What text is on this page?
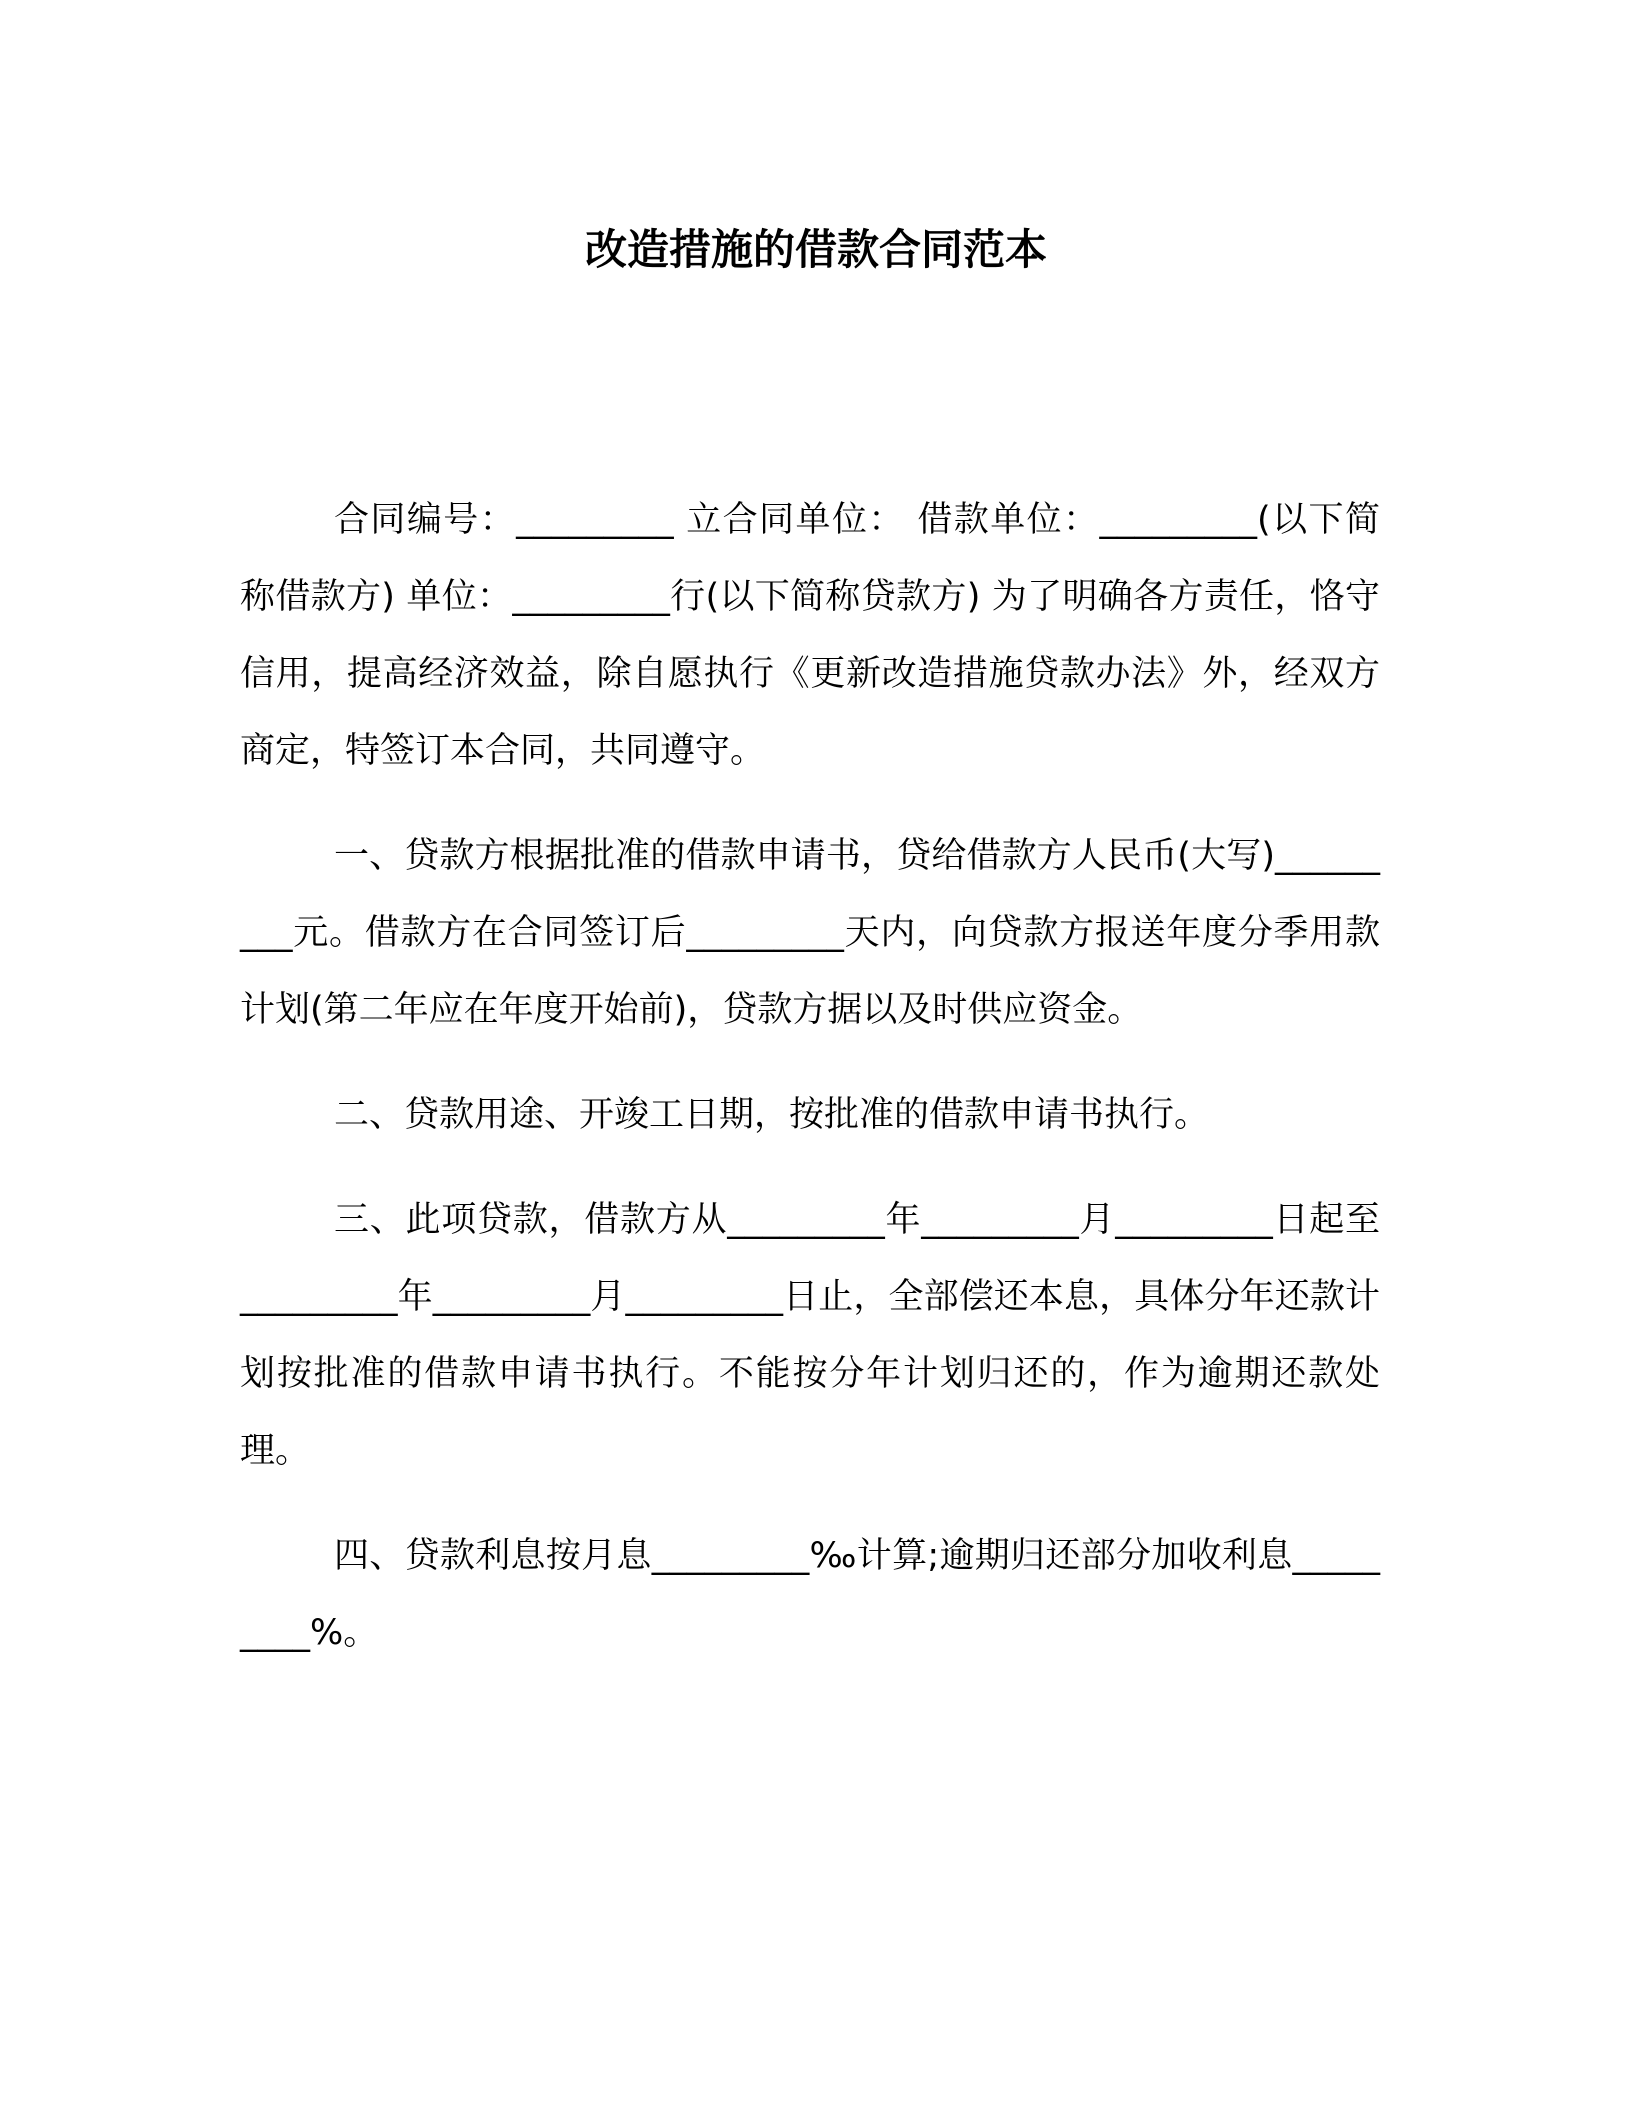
改造措施的借款合同范本

合同编号：_________ 立合同单位： 借款单位：_________(以下简称借款方) 单位：_________行(以下简称贷款方) 为了明确各方责任，恪守信用，提高经济效益，除自愿执行《更新改造措施贷款办法》外，经双方商定，特签订本合同，共同遵守。

一、贷款方根据批准的借款申请书，贷给借款方人民币(大写)_________元。借款方在合同签订后_________天内，向贷款方报送年度分季用款计划(第二年应在年度开始前)，贷款方据以及时供应资金。

二、贷款用途、开竣工日期，按批准的借款申请书执行。

三、此项贷款，借款方从_________年_________月_________日起至_________年_________月_________日止，全部偿还本息，具体分年还款计划按批准的借款申请书执行。不能按分年计划归还的，作为逾期还款处理。

四、贷款利息按月息_________‰计算;逾期归还部分加收利息_________%。
